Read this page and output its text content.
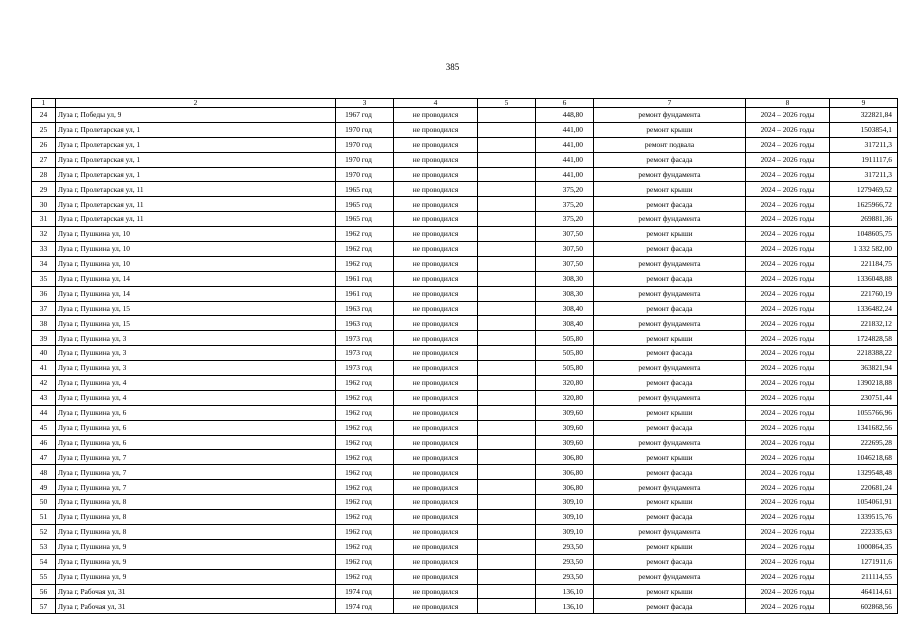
385
1	2	3	4	5	6	7	8	9
24	Луза г, Победы ул, 9	1967 год	не проводился		448,80	ремонт фундамента	2024 – 2026 годы	322821,84
25	Луза г, Пролетарская ул, 1	1970 год	не проводился		441,00	ремонт крыши	2024 – 2026 годы	1503854,1
26	Луза г, Пролетарская ул, 1	1970 год	не проводился		441,00	ремонт подвала	2024 – 2026 годы	317211,3
27	Луза г, Пролетарская ул, 1	1970 год	не проводился		441,00	ремонт фасада	2024 – 2026 годы	1911117,6
28	Луза г, Пролетарская ул, 1	1970 год	не проводился		441,00	ремонт фундамента	2024 – 2026 годы	317211,3
29	Луза г, Пролетарская ул, 11	1965 год	не проводился		375,20	ремонт крыши	2024 – 2026 годы	1279469,52
30	Луза г, Пролетарская ул, 11	1965 год	не проводился		375,20	ремонт фасада	2024 – 2026 годы	1625966,72
31	Луза г, Пролетарская ул, 11	1965 год	не проводился		375,20	ремонт фундамента	2024 – 2026 годы	269881,36
32	Луза г, Пушкина ул, 10	1962 год	не проводился		307,50	ремонт крыши	2024 – 2026 годы	1048605,75
33	Луза г, Пушкина ул, 10	1962 год	не проводился		307,50	ремонт фасада	2024 – 2026 годы	1 332 582,00
34	Луза г, Пушкина ул, 10	1962 год	не проводился		307,50	ремонт фундамента	2024 – 2026 годы	221184,75
35	Луза г, Пушкина ул, 14	1961 год	не проводился		308,30	ремонт фасада	2024 – 2026 годы	1336048,88
36	Луза г, Пушкина ул, 14	1961 год	не проводился		308,30	ремонт фундамента	2024 – 2026 годы	221760,19
37	Луза г, Пушкина ул, 15	1963 год	не проводился		308,40	ремонт фасада	2024 – 2026 годы	1336482,24
38	Луза г, Пушкина ул, 15	1963 год	не проводился		308,40	ремонт фундамента	2024 – 2026 годы	221832,12
39	Луза г, Пушкина ул, 3	1973 год	не проводился		505,80	ремонт крыши	2024 – 2026 годы	1724828,58
40	Луза г, Пушкина ул, 3	1973 год	не проводился		505,80	ремонт фасада	2024 – 2026 годы	2218388,22
41	Луза г, Пушкина ул, 3	1973 год	не проводился		505,80	ремонт фундамента	2024 – 2026 годы	363821,94
42	Луза г, Пушкина ул, 4	1962 год	не проводился		320,80	ремонт фасада	2024 – 2026 годы	1390218,88
43	Луза г, Пушкина ул, 4	1962 год	не проводился		320,80	ремонт фундамента	2024 – 2026 годы	230751,44
44	Луза г, Пушкина ул, 6	1962 год	не проводился		309,60	ремонт крыши	2024 – 2026 годы	1055766,96
45	Луза г, Пушкина ул, 6	1962 год	не проводился		309,60	ремонт фасада	2024 – 2026 годы	1341682,56
46	Луза г, Пушкина ул, 6	1962 год	не проводился		309,60	ремонт фундамента	2024 – 2026 годы	222695,28
47	Луза г, Пушкина ул, 7	1962 год	не проводился		306,80	ремонт крыши	2024 – 2026 годы	1046218,68
48	Луза г, Пушкина ул, 7	1962 год	не проводился		306,80	ремонт фасада	2024 – 2026 годы	1329548,48
49	Луза г, Пушкина ул, 7	1962 год	не проводился		306,80	ремонт фундамента	2024 – 2026 годы	220681,24
50	Луза г, Пушкина ул, 8	1962 год	не проводился		309,10	ремонт крыши	2024 – 2026 годы	1054061,91
51	Луза г, Пушкина ул, 8	1962 год	не проводился		309,10	ремонт фасада	2024 – 2026 годы	1339515,76
52	Луза г, Пушкина ул, 8	1962 год	не проводился		309,10	ремонт фундамента	2024 – 2026 годы	222335,63
53	Луза г, Пушкина ул, 9	1962 год	не проводился		293,50	ремонт крыши	2024 – 2026 годы	1000864,35
54	Луза г, Пушкина ул, 9	1962 год	не проводился		293,50	ремонт фасада	2024 – 2026 годы	1271911,6
55	Луза г, Пушкина ул, 9	1962 год	не проводился		293,50	ремонт фундамента	2024 – 2026 годы	211114,55
56	Луза г, Рабочая ул, 31	1974 год	не проводился		136,10	ремонт крыши	2024 – 2026 годы	464114,61
57	Луза г, Рабочая ул, 31	1974 год	не проводился		136,10	ремонт фасада	2024 – 2026 годы	602868,56
